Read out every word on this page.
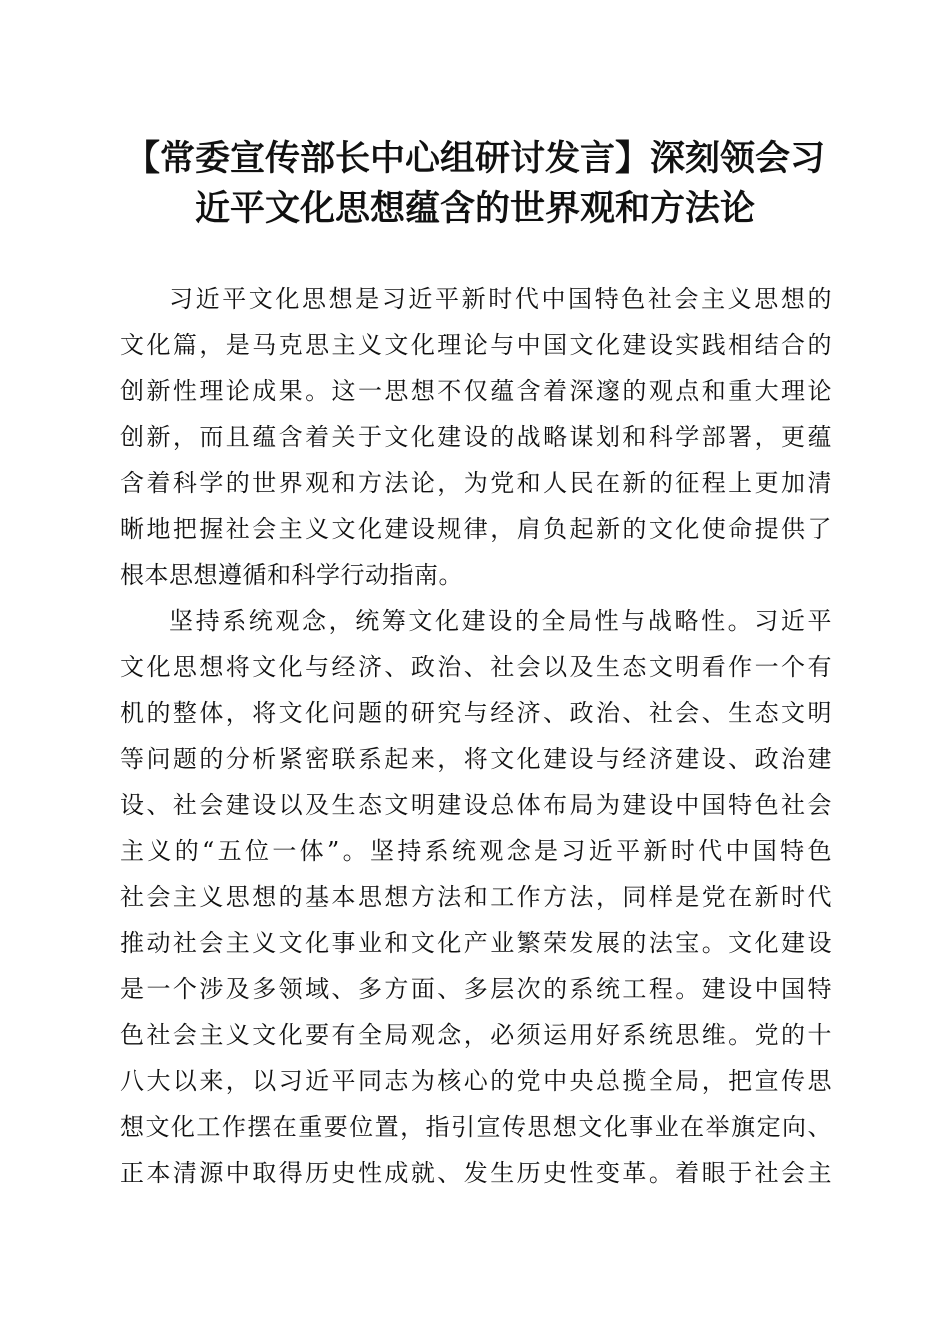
【常委宣传部长中心组研讨发言】深刻领会习
近平文化思想蕴含的世界观和方法论
习近平文化思想是习近平新时代中国特色社会主义思想的
文化篇，是马克思主义文化理论与中国文化建设实践相结合的
创新性理论成果。这一思想不仅蕴含着深邃的观点和重大理论
创新，而且蕴含着关于文化建设的战略谋划和科学部署，更蕴
含着科学的世界观和方法论，为党和人民在新的征程上更加清
晰地把握社会主义文化建设规律，肩负起新的文化使命提供了
根本思想遵循和科学行动指南。
坚持系统观念，统筹文化建设的全局性与战略性。习近平
文化思想将文化与经济、政治、社会以及生态文明看作一个有
机的整体，将文化问题的研究与经济、政治、社会、生态文明
等问题的分析紧密联系起来，将文化建设与经济建设、政治建
设、社会建设以及生态文明建设总体布局为建设中国特色社会
主义的“五位一体”。坚持系统观念是习近平新时代中国特色
社会主义思想的基本思想方法和工作方法，同样是党在新时代
推动社会主义文化事业和文化产业繁荣发展的法宝。文化建设
是一个涉及多领域、多方面、多层次的系统工程。建设中国特
色社会主义文化要有全局观念，必须运用好系统思维。党的十
八大以来，以习近平同志为核心的党中央总揽全局，把宣传思
想文化工作摆在重要位置，指引宣传思想文化事业在举旗定向、
正本清源中取得历史性成就、发生历史性变革。着眼于社会主
